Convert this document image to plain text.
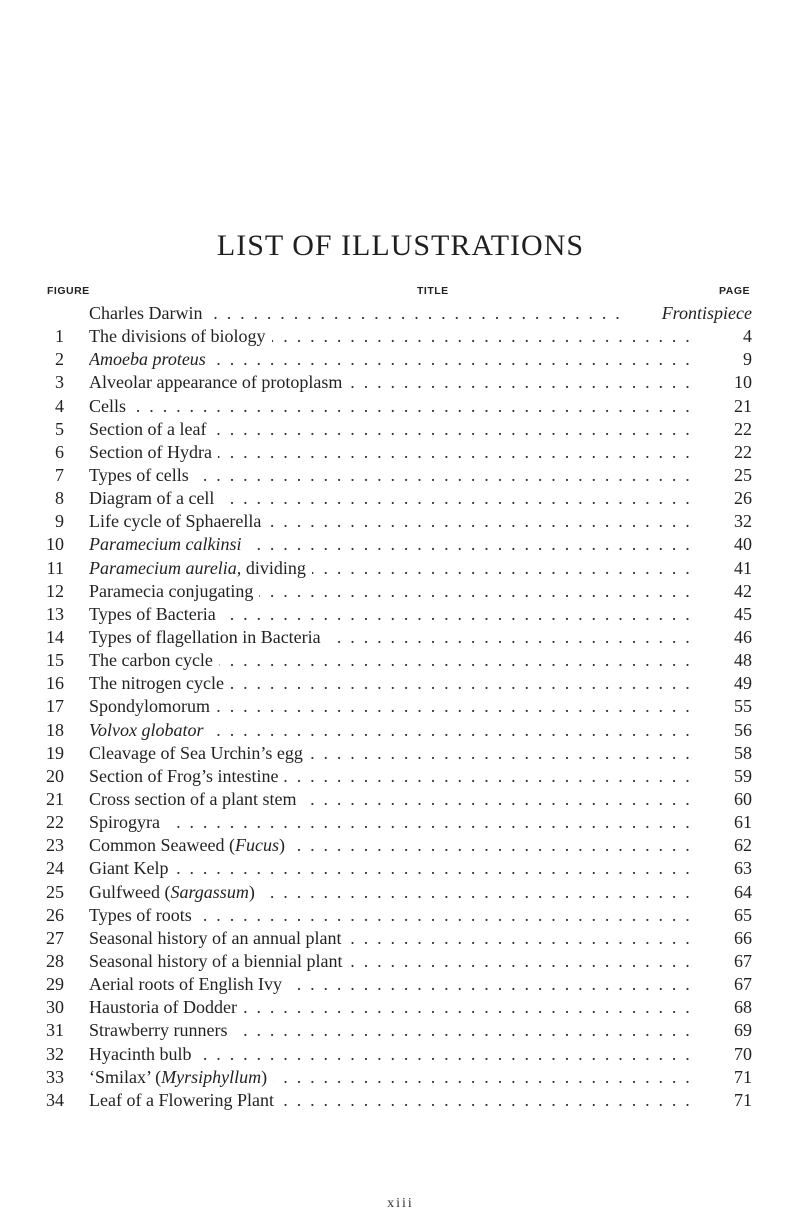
LIST OF ILLUSTRATIONS
FIGURE	TITLE	PAGE
Charles Darwin . . .	Frontispiece
1 The divisions of biology . . .	4
2 Amoeba proteus . . .	9
3 Alveolar appearance of protoplasm . . .	10
4 Cells . . .	21
5 Section of a leaf . . .	22
6 Section of Hydra . . .	22
7 Types of cells . . .	25
8 Diagram of a cell . . .	26
9 Life cycle of Sphaerella . . .	32
10 Paramecium calkinsi . . .	40
11 Paramecium aurelia, dividing . . .	41
12 Paramecia conjugating . . .	42
13 Types of Bacteria . . .	45
14 Types of flagellation in Bacteria . . .	46
15 The carbon cycle . . .	48
16 The nitrogen cycle . . .	49
17 Spondylomorum . . .	55
18 Volvox globator . . .	56
19 Cleavage of Sea Urchin’s egg . . .	58
20 Section of Frog’s intestine . . .	59
21 Cross section of a plant stem . . .	60
22 Spirogyra . . .	61
23 Common Seaweed (Fucus) . . .	62
24 Giant Kelp . . .	63
25 Gulfweed (Sargassum) . . .	64
26 Types of roots . . .	65
27 Seasonal history of an annual plant . . .	66
28 Seasonal history of a biennial plant . . .	67
29 Aerial roots of English Ivy . . .	67
30 Haustoria of Dodder . . .	68
31 Strawberry runners . . .	69
32 Hyacinth bulb . . .	70
33 ‘Smilax’ (Myrsiphyllum) . . .	71
34 Leaf of a Flowering Plant . . .	71
xiii
